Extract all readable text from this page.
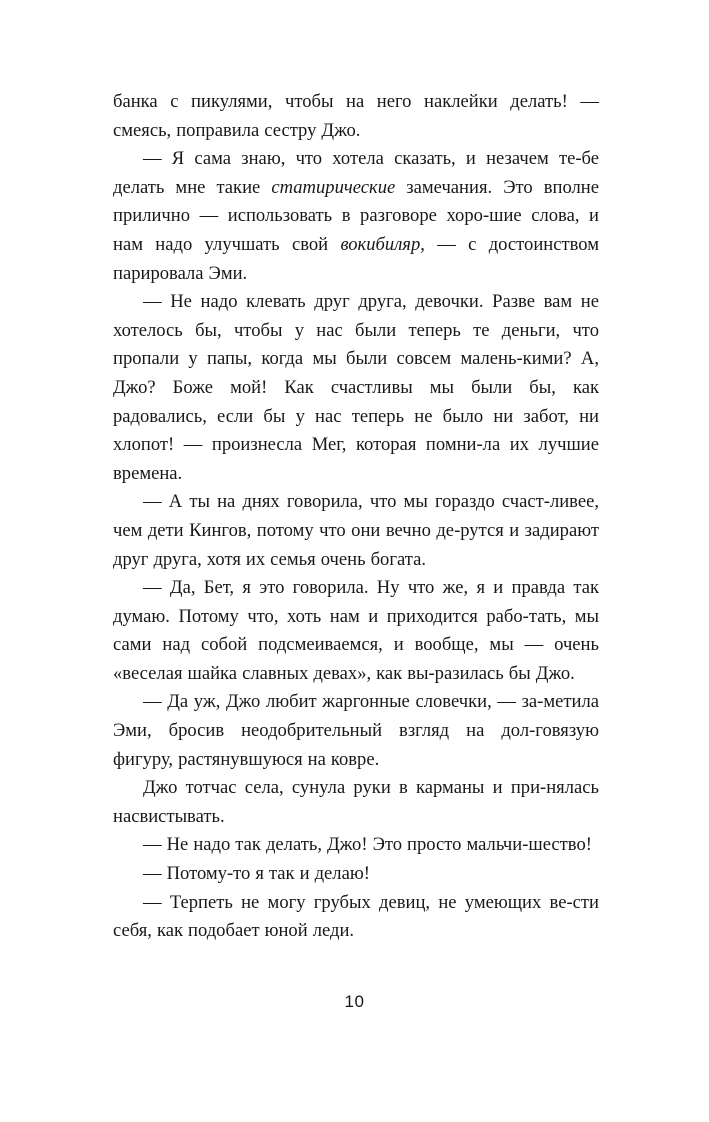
банка с пикулями, чтобы на него наклейки делать! — смеясь, поправила сестру Джо.

— Я сама знаю, что хотела сказать, и незачем те-бе делать мне такие статирические замечания. Это вполне прилично — использовать в разговоре хоро-шие слова, и нам надо улучшать свой вокибиляр, — с достоинством парировала Эми.

— Не надо клевать друг друга, девочки. Разве вам не хотелось бы, чтобы у нас были теперь те деньги, что пропали у папы, когда мы были совсем малень-кими? А, Джо? Боже мой! Как счастливы мы были бы, как радовались, если бы у нас теперь не было ни забот, ни хлопот! — произнесла Мег, которая помни-ла их лучшие времена.

— А ты на днях говорила, что мы гораздо счаст-ливее, чем дети Кингов, потому что они вечно де-рутся и задирают друг друга, хотя их семья очень богата.

— Да, Бет, я это говорила. Ну что же, я и правда так думаю. Потому что, хоть нам и приходится рабо-тать, мы сами над собой подсмеиваемся, и вообще, мы — очень «веселая шайка славных девах», как вы-разилась бы Джо.

— Да уж, Джо любит жаргонные словечки, — за-метила Эми, бросив неодобрительный взгляд на дол-говязую фигуру, растянувшуюся на ковре.

Джо тотчас села, сунула руки в карманы и при-нялась насвистывать.

— Не надо так делать, Джо! Это просто мальчи-шество!

— Потому-то я так и делаю!

— Терпеть не могу грубых девиц, не умеющих ве-сти себя, как подобает юной леди.

10
